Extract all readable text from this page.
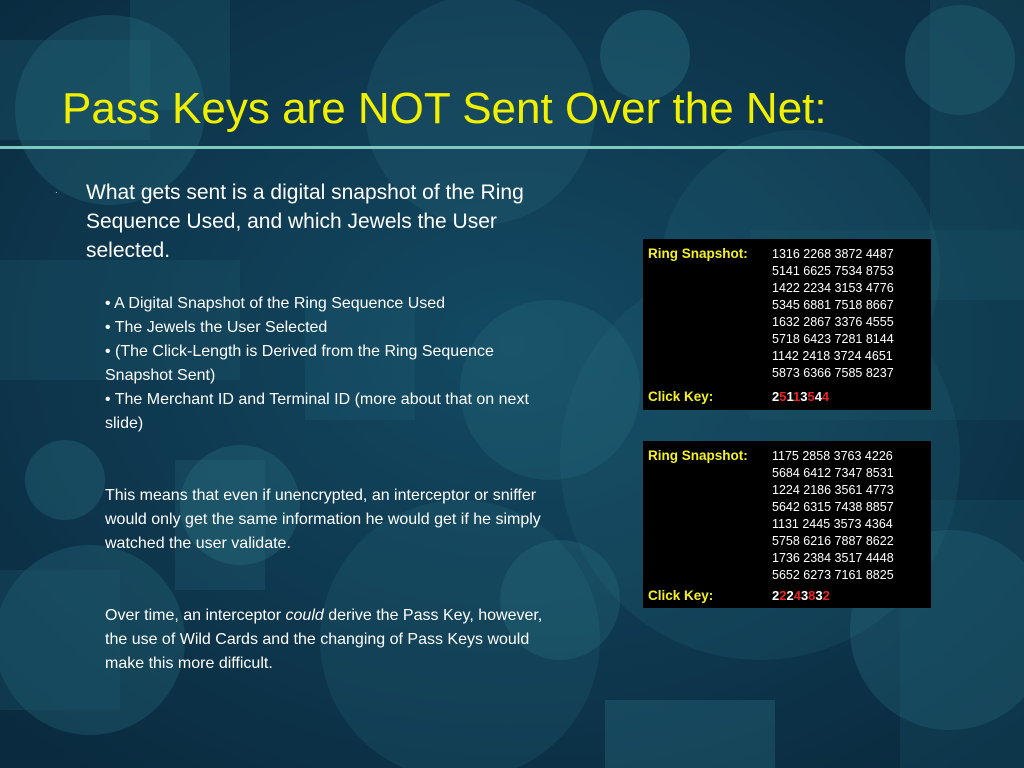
Pass Keys are NOT Sent Over the Net:
· What gets sent is a digital snapshot of the Ring Sequence Used, and which Jewels the User selected.

• A Digital Snapshot of the Ring Sequence Used
• The Jewels the User Selected
• (The Click-Length is Derived from the Ring Sequence Snapshot Sent)
• The Merchant ID and Terminal ID (more about that on next slide)

This means that even if unencrypted, an interceptor or sniffer would only get the same information he would get if he simply watched the user validate.

Over time, an interceptor could derive the Pass Key, however, the use of Wild Cards and the changing of Pass Keys would make this more difficult.

Ring Snapshot: 1316 2268 3872 4487
5141 6625 7534 8753
1422 2234 3153 4776
5345 6881 7518 8667
1632 2867 3376 4555
5718 6423 7281 8144
1142 2418 3724 4651
5873 6366 7585 8237
Click Key:	25113544
Ring Snapshot: 1175 2858 3763 4226
5684 6412 7347 8531
1224 2186 3561 4773
5642 6315 7438 8857
1131 2445 3573 4364
5758 6216 7887 8622
1736 2384 3517 4448
5652 6273 7161 8825
Click Key:	22243832
